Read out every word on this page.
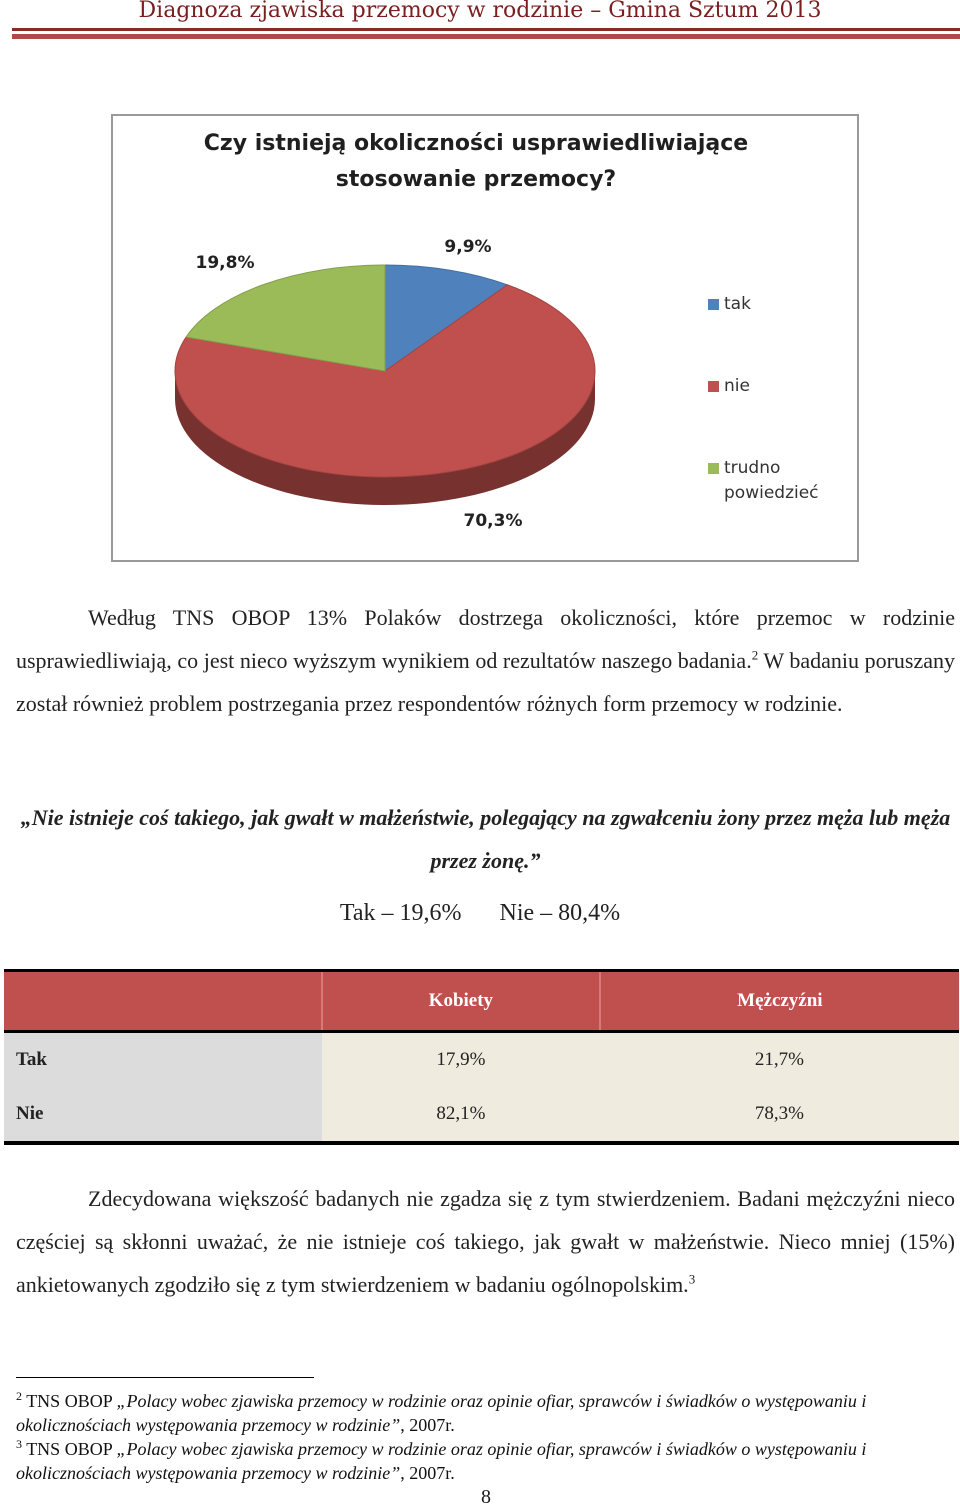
Diagnoza zjawiska przemocy w rodzinie – Gmina Sztum 2013
Czy istnieją okoliczności usprawiedliwiające
stosowanie przemocy?
9,9%
70,3%
19,8%
tak
nie
trudno
powiedzieć
Według TNS OBOP 13% Polaków dostrzega okoliczności, które przemoc w rodzinie usprawiedliwiają, co jest nieco wyższym wynikiem od rezultatów naszego badania.$^2$ W badaniu poruszany został również problem postrzegania przez respondentów różnych form przemocy w rodzinie.
„Nie istnieje coś takiego, jak gwałt w małżeństwie, polegający na zgwałceniu żony przez męża lub męża przez żonę.”
Tak – 19,6% Nie – 80,4%
	Kobiety	Mężczyźni
Tak	17,9%	21,7%
Nie	82,1%	78,3%
Zdecydowana większość badanych nie zgadza się z tym stwierdzeniem. Badani mężczyźni nieco częściej są skłonni uważać, że nie istnieje coś takiego, jak gwałt w małżeństwie. Nieco mniej (15%) ankietowanych zgodziło się z tym stwierdzeniem w badaniu ogólnopolskim.$^3$
$^2$ TNS OBOP „Polacy wobec zjawiska przemocy w rodzinie oraz opinie ofiar, sprawców i świadków o występowaniu i okolicznościach występowania przemocy w rodzinie”, 2007r.
$^3$ TNS OBOP „Polacy wobec zjawiska przemocy w rodzinie oraz opinie ofiar, sprawców i świadków o występowaniu i okolicznościach występowania przemocy w rodzinie”, 2007r.
8
